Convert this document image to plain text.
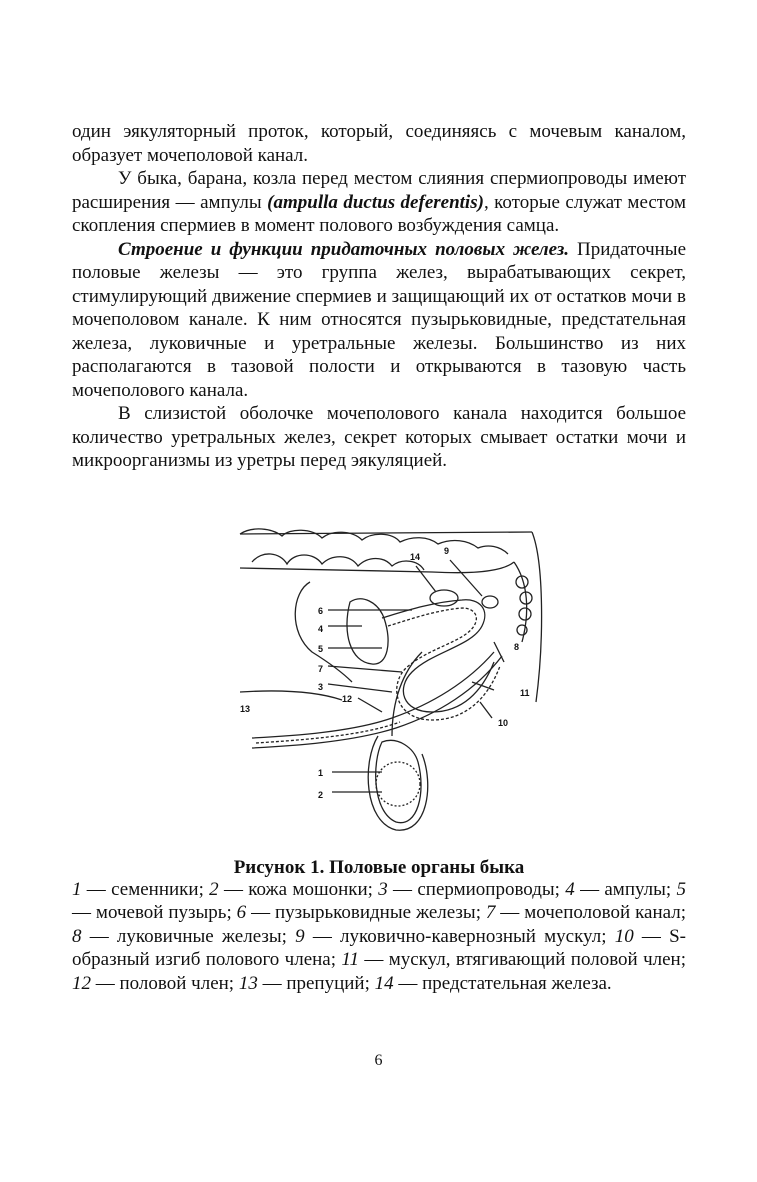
один эякуляторный проток, который, соединяясь с мочевым каналом, образует мочеполовой канал.

У быка, барана, козла перед местом слияния спермиопроводы имеют расширения — ампулы (ampulla ductus deferentis), которые служат местом скопления спермиев в момент полового возбуждения самца.

Строение и функции придаточных половых желез. Придаточные половые железы — это группа желез, вырабатывающих секрет, стимулирующий движение спермиев и защищающий их от остатков мочи в мочеполовом канале. К ним относятся пузырьковидные, предстательная железа, луковичные и уретральные железы. Большинство из них располагаются в тазовой полости и открываются в тазовую часть мочеполового канала.

В слизистой оболочке мочеполового канала находится большое количество уретральных желез, секрет которых смывает остатки мочи и микроорганизмы из уретры перед эякуляцией.

14
9
6
4
5
7
3
12
13
8
11
10
1
2
Рисунок 1. Половые органы быка
1 — семенники; 2 — кожа мошонки; 3 — спермиопроводы; 4 — ампулы; 5 — мочевой пузырь; 6 — пузырьковидные железы; 7 — мочеполовой канал; 8 — луковичные железы; 9 — луковично-кавернозный мускул; 10 — S-образный изгиб полового члена; 11 — мускул, втягивающий половой член; 12 — половой член; 13 — препуций; 14 — предстательная железа.
6
